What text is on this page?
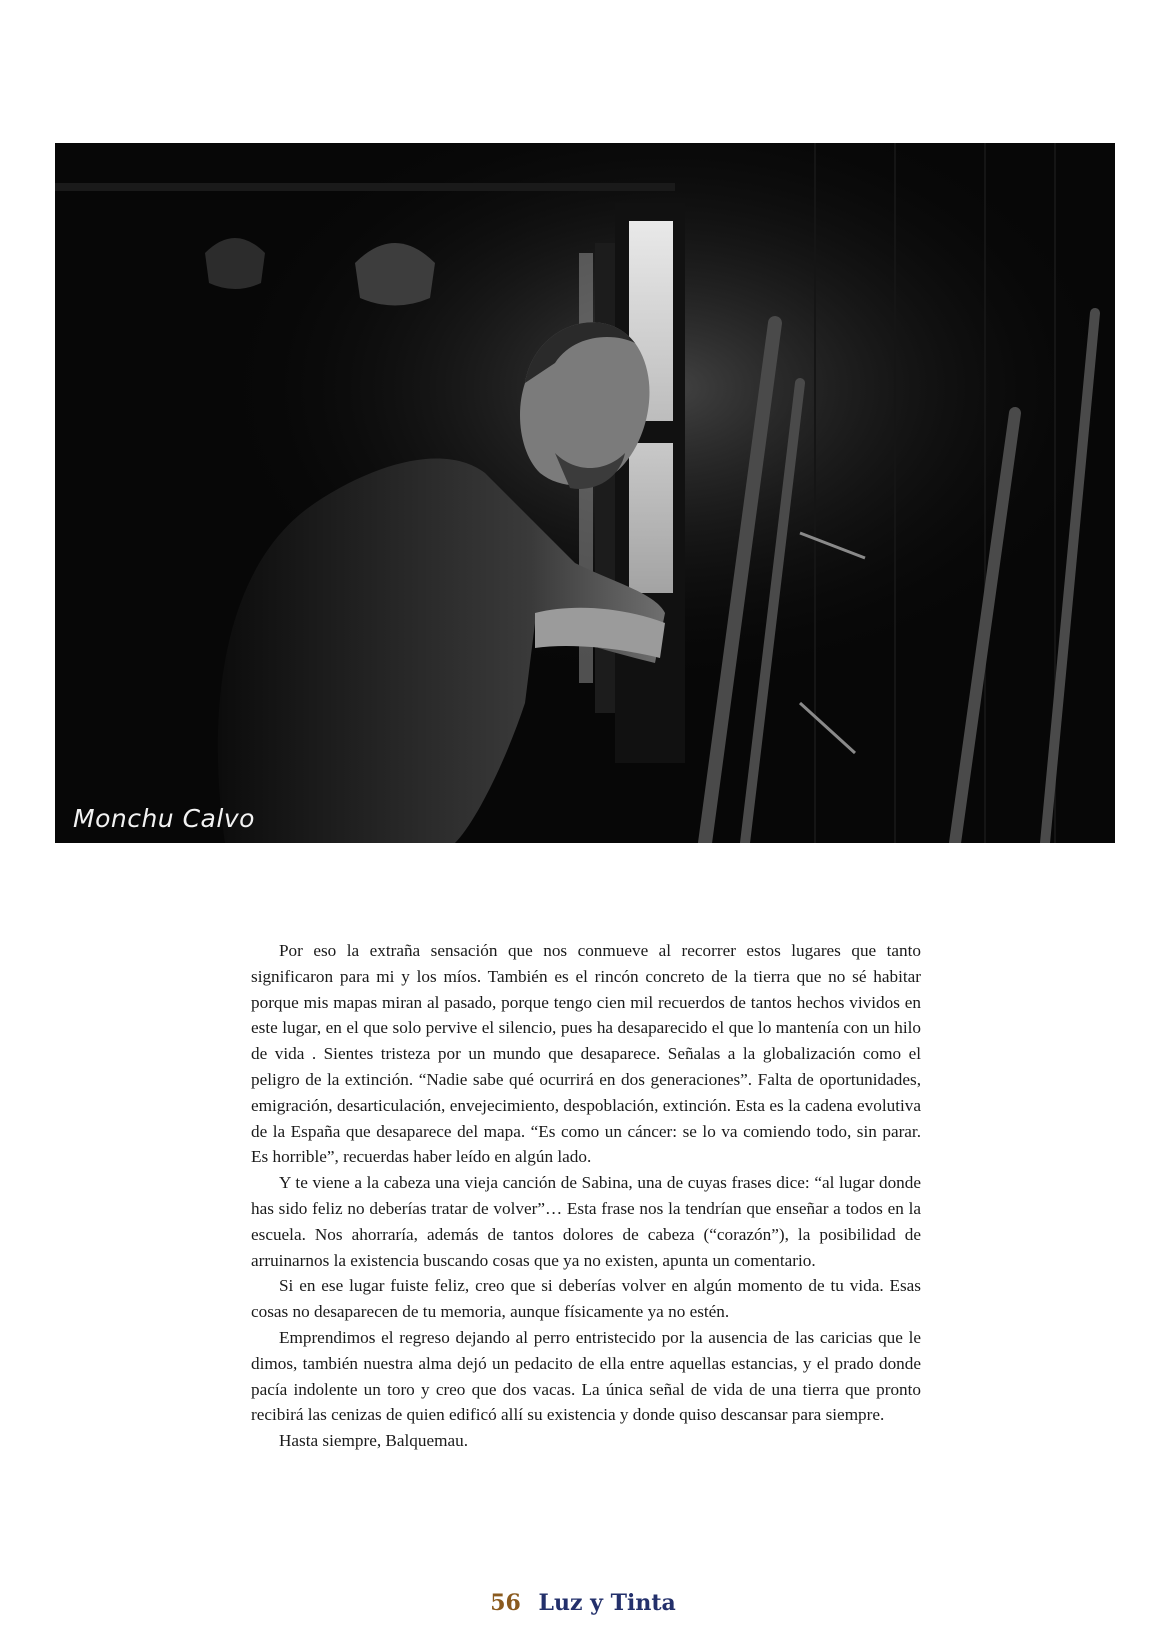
Monchu Calvo

Por eso la extraña sensación que nos conmueve al recorrer estos lugares que tanto significaron para mi y los míos. También es el rincón concreto de la tierra que no sé habitar porque mis mapas miran al pasado, porque tengo cien mil recuerdos de tantos hechos vividos en este lugar, en el que solo pervive el silencio, pues ha desaparecido el que lo mantenía con un hilo de vida . Sientes tristeza por un mundo que desaparece. Señalas a la globalización como el peligro de la extinción. “Nadie sabe qué ocurrirá en dos generaciones”. Falta de oportunidades, emigración, desarticulación, envejecimiento, despoblación, extinción. Esta es la cadena evolutiva de la España que desaparece del mapa. “Es como un cáncer: se lo va comiendo todo, sin parar. Es horrible”, recuerdas haber leído en algún lado.

Y te viene a la cabeza una vieja canción de Sabina, una de cuyas frases dice: “al lugar donde has sido feliz no deberías tratar de volver”… Esta frase nos la tendrían que enseñar a todos en la escuela. Nos ahorraría, además de tantos dolores de cabeza (“corazón”), la posibilidad de arruinarnos la existencia buscando cosas que ya no existen, apunta un comentario.

Si en ese lugar fuiste feliz, creo que si deberías volver en algún momento de tu vida. Esas cosas no desaparecen de tu memoria, aunque físicamente ya no estén.

Emprendimos el regreso dejando al perro entristecido por la ausencia de las caricias que le dimos, también nuestra alma dejó un pedacito de ella entre aquellas estancias, y el prado donde pacía indolente un toro y creo que dos vacas. La única señal de vida de una tierra que pronto recibirá las cenizas de quien edificó allí su existencia y donde quiso descansar para siempre.

Hasta siempre, Balquemau.

56 Luz y Tinta
